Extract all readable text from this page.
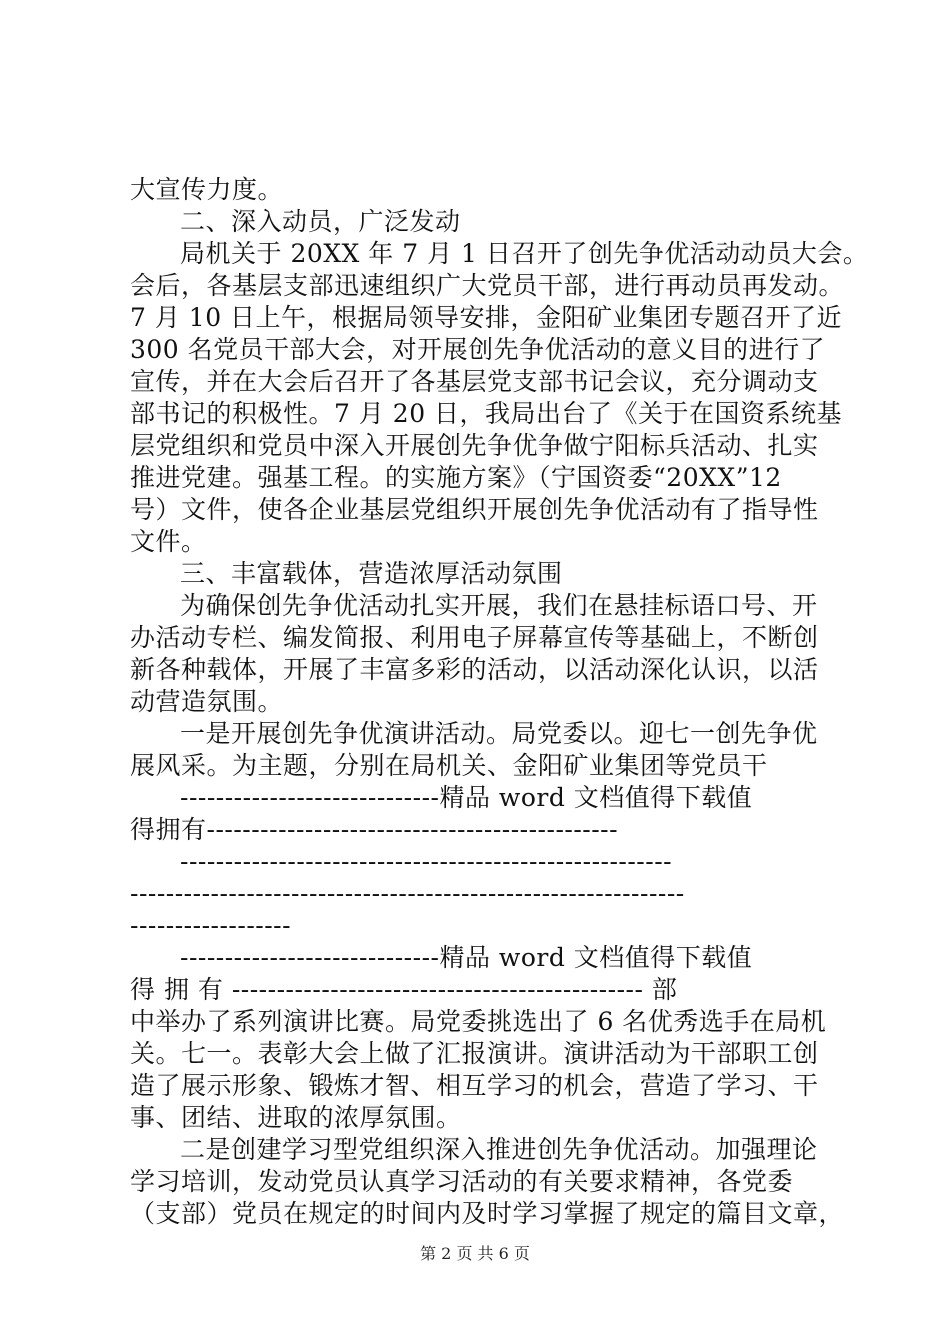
大宣传力度。
二、深入动员，广泛发动
局机关于 20XX 年 7 月 1 日召开了创先争优活动动员大会。
会后，各基层支部迅速组织广大党员干部，进行再动员再发动。
7 月 10 日上午，根据局领导安排，金阳矿业集团专题召开了近
300 名党员干部大会，对开展创先争优活动的意义目的进行了
宣传，并在大会后召开了各基层党支部书记会议，充分调动支
部书记的积极性。7 月 20 日，我局出台了《关于在国资系统基
层党组织和党员中深入开展创先争优争做宁阳标兵活动、扎实
推进党建。强基工程。的实施方案》（宁国资委“20XX”12
号）文件，使各企业基层党组织开展创先争优活动有了指导性
文件。
三、丰富载体，营造浓厚活动氛围
为确保创先争优活动扎实开展，我们在悬挂标语口号、开
办活动专栏、编发简报、利用电子屏幕宣传等基础上，不断创
新各种载体，开展了丰富多彩的活动，以活动深化认识，以活
动营造氛围。
一是开展创先争优演讲活动。局党委以。迎七一创先争优
展风采。为主题，分别在局机关、金阳矿业集团等党员干
-----------------------------精品 word 文档值得下载值
得拥有----------------------------------------------
-------------------------------------------------------
--------------------------------------------------------------
------------------
-----------------------------精品 word 文档值得下载值
得 拥 有 ---------------------------------------------- 部
中举办了系列演讲比赛。局党委挑选出了 6 名优秀选手在局机
关。七一。表彰大会上做了汇报演讲。演讲活动为干部职工创
造了展示形象、锻炼才智、相互学习的机会，营造了学习、干
事、团结、进取的浓厚氛围。
二是创建学习型党组织深入推进创先争优活动。加强理论
学习培训，发动党员认真学习活动的有关要求精神，各党委
（支部）党员在规定的时间内及时学习掌握了规定的篇目文章，
第 2 页 共 6 页
